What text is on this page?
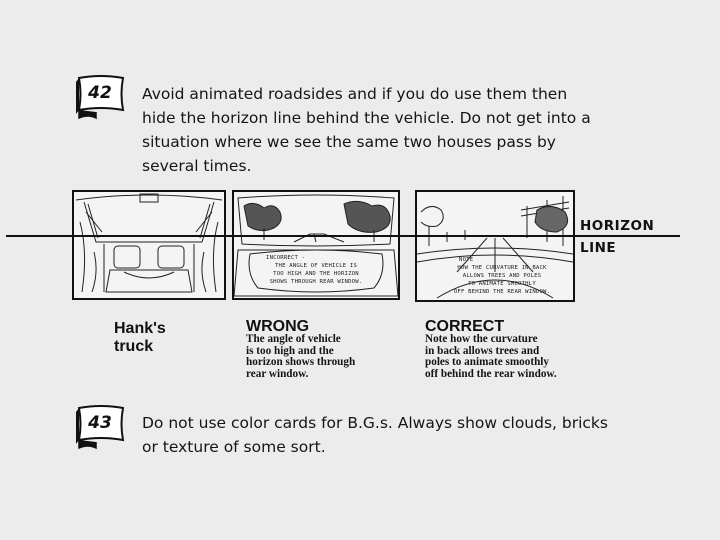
42	Avoid animated roadsides and if you do use them then
hide the horizon line behind the vehicle. Do not get into a
situation where we see the same two houses pass by
several times.
INCORRECT -
THE ANGLE OF VEHICLE IS
TOO HIGH AND THE HORIZON
SHOWS THROUGH REAR WINDOW.
NOTE
HOW THE CURVATURE IN BACK
ALLOWS TREES AND POLES
TO ANIMATE SMOOTHLY
OFF BEHIND THE REAR WINDOW.
HORIZON
LINE
Hank's
truck
WRONG
The angle of vehicle
is too high and the
horizon shows through
rear window.
CORRECT
Note how the curvature
in back allows trees and
poles to animate smoothly
off behind the rear window.
43	Do not use color cards for B.G.s. Always show clouds, bricks
or texture of some sort.
